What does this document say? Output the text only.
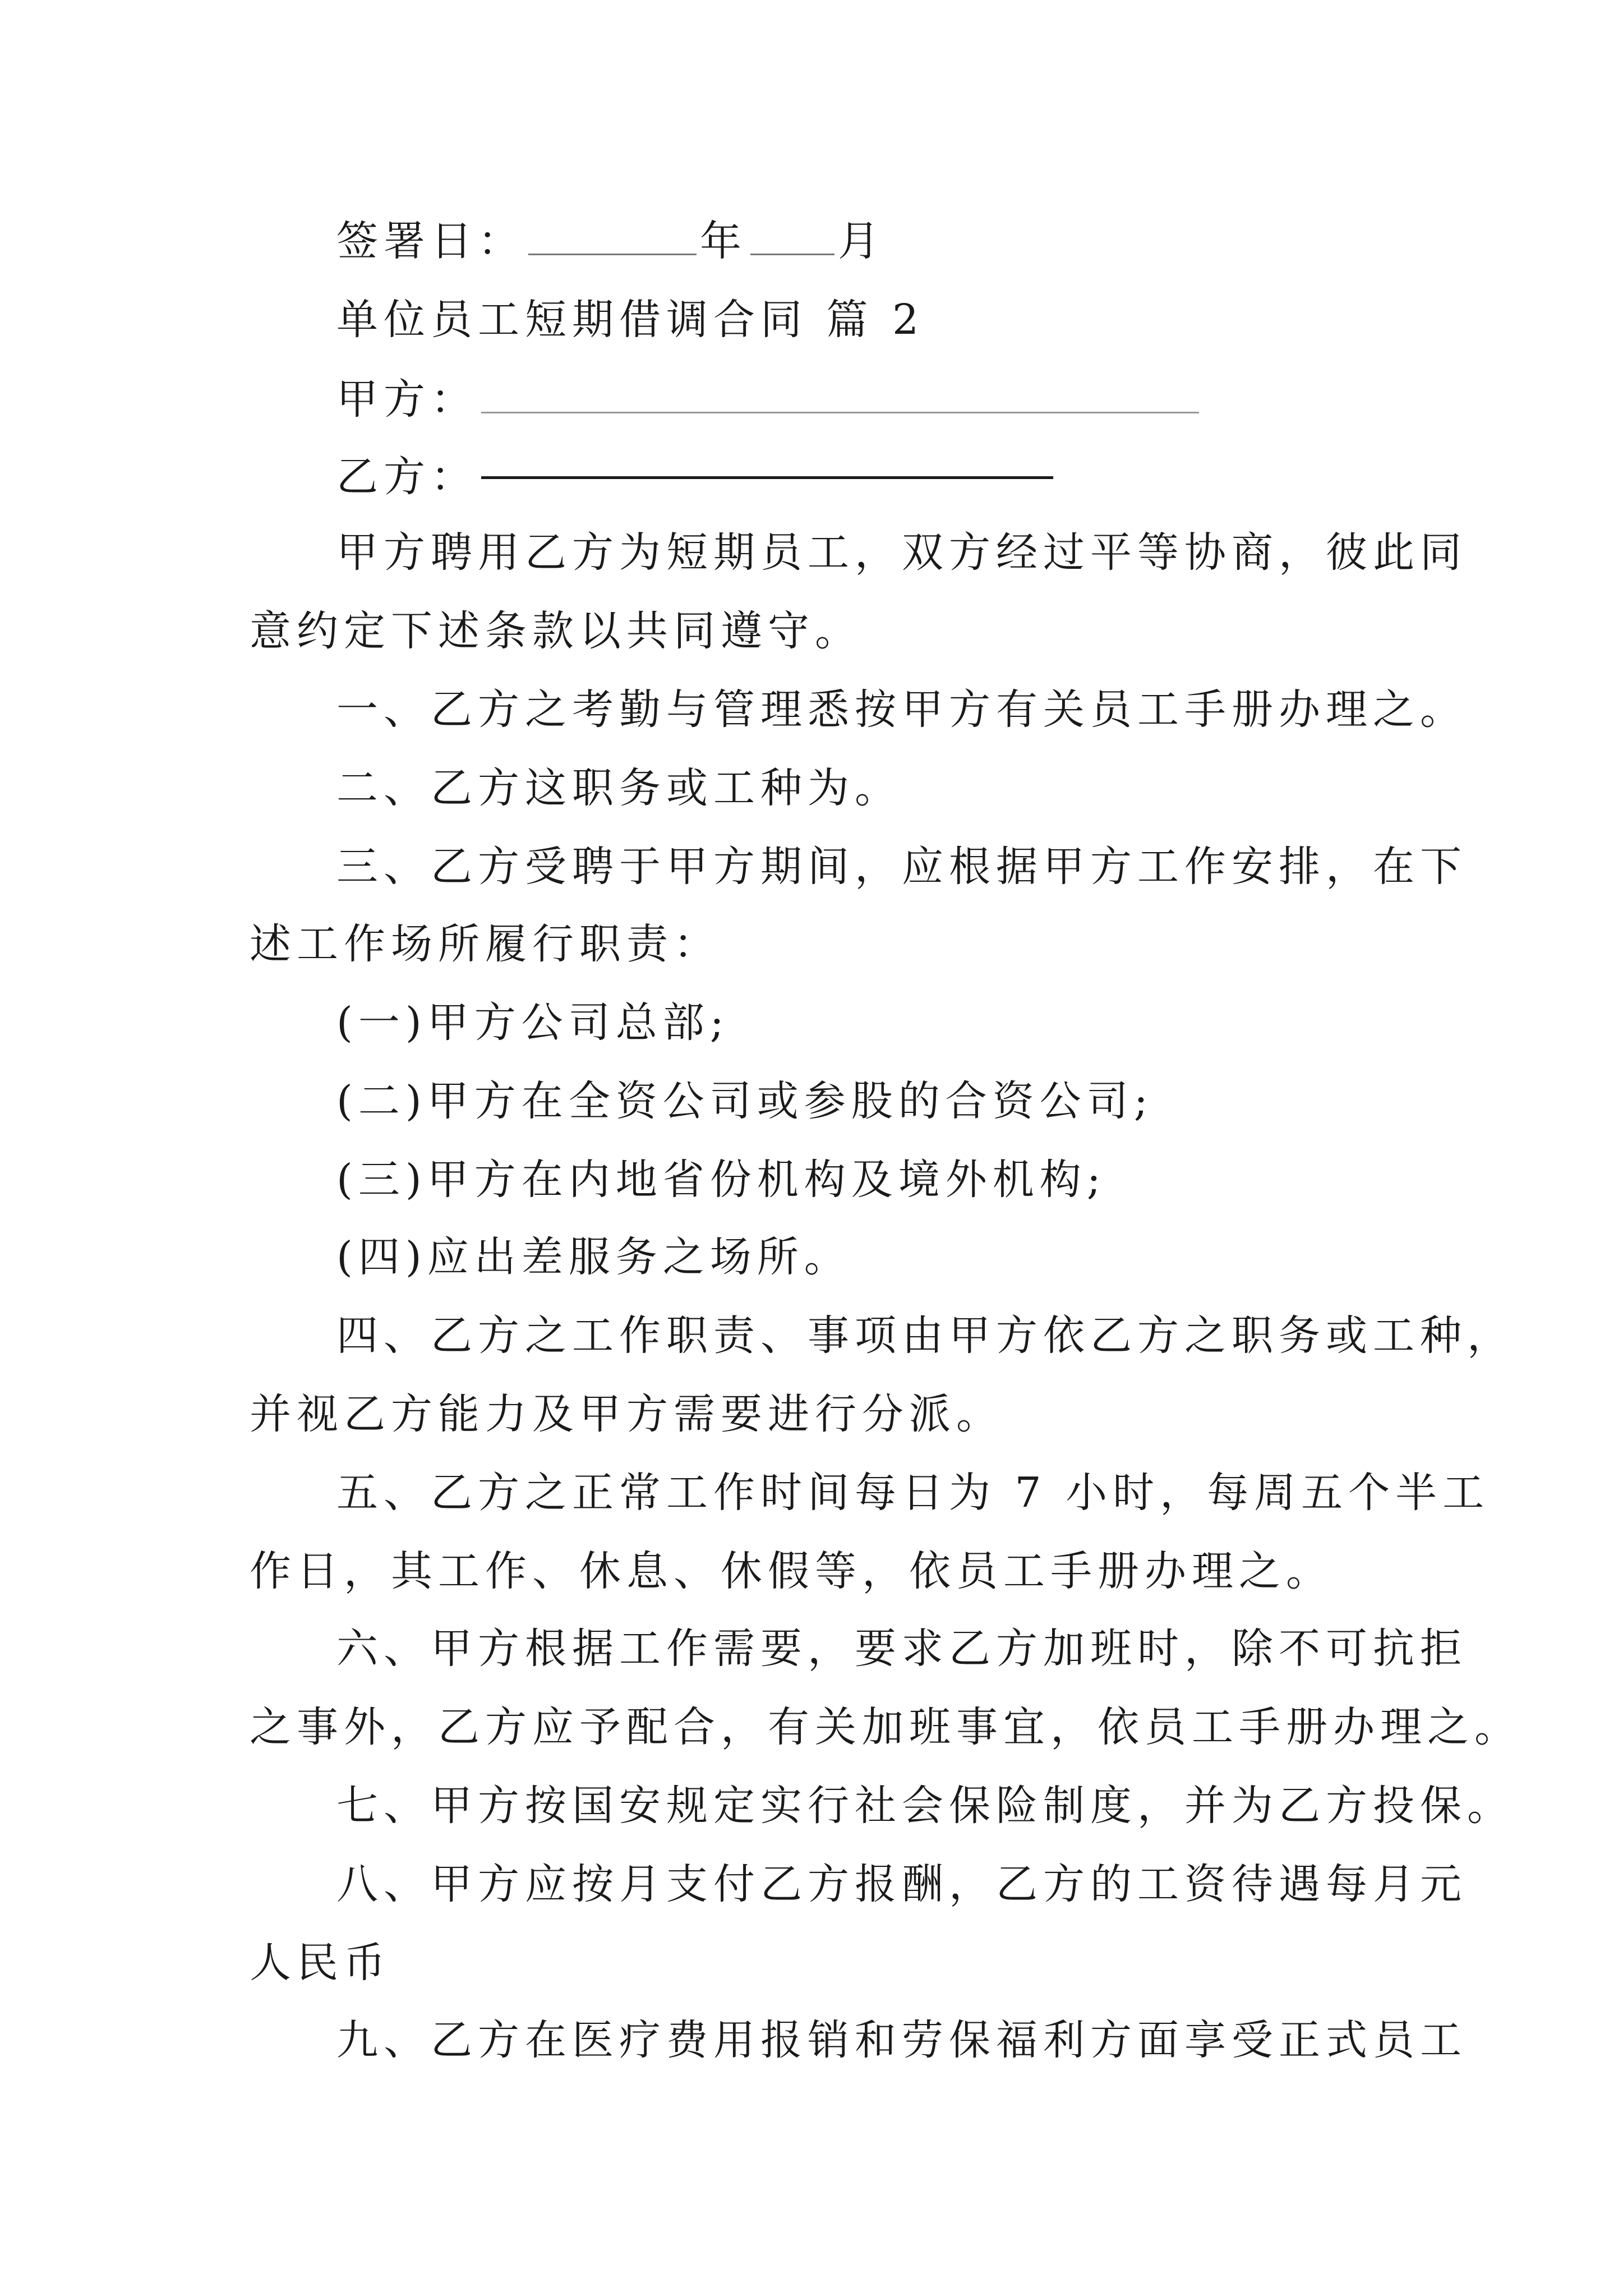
签署日：	年 月
单位员工短期借调合同 篇 2
甲方：
乙方：
甲方聘用乙方为短期员工，双方经过平等协商，彼此同
意约定下述条款以共同遵守。
一、乙方之考勤与管理悉按甲方有关员工手册办理之。
二、乙方这职务或工种为。
三、乙方受聘于甲方期间，应根据甲方工作安排，在下
述工作场所履行职责：
(一)甲方公司总部;
(二)甲方在全资公司或参股的合资公司;
(三)甲方在内地省份机构及境外机构;
(四)应出差服务之场所。
四、乙方之工作职责、事项由甲方依乙方之职务或工种，
并视乙方能力及甲方需要进行分派。
五、乙方之正常工作时间每日为 7 小时，每周五个半工
作日，其工作、休息、休假等，依员工手册办理之。
六、甲方根据工作需要，要求乙方加班时，除不可抗拒
之事外，乙方应予配合，有关加班事宜，依员工手册办理之。
七、甲方按国安规定实行社会保险制度，并为乙方投保。
八、甲方应按月支付乙方报酬，乙方的工资待遇每月元
人民币
九、乙方在医疗费用报销和劳保福利方面享受正式员工
